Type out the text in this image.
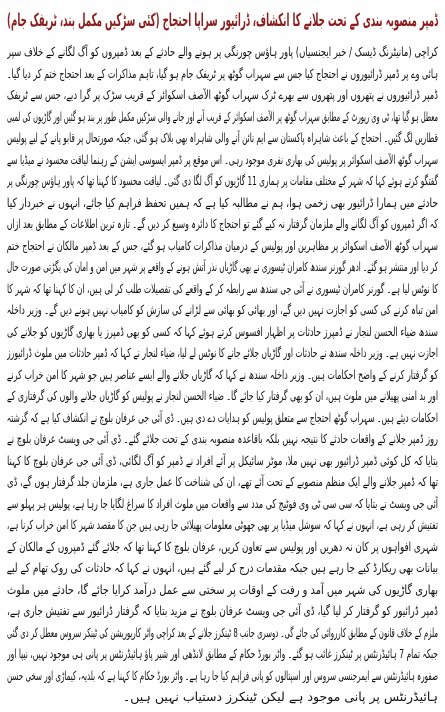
ڈمپر منصوبہ بندی کے تحت جلانے کا انکشاف، ڈرائیور سراپا احتجاج (کئی سڑکیں مکمل بند، ٹریفک جام)
کراچی (مانیٹرنگ ڈیسک / خبر ایجنسیاں) پاور ہاؤس چورنگی پر ہونے والے حادثے کے بعد ڈمپروں کو آگ لگانے کے خلاف سپر
ہائی وے پر ڈمپر ڈرائیوروں نے احتجاج کیا جس سے سہراب گوٹھ پر ٹریفک جام ہو گیا، تاہم مذاکرات کے بعد احتجاج ختم کر دیا گیا۔
ڈمپر ڈرائیوروں نے پتھروں اور پتھروں سے بھرے ٹرک سہراب گوٹھ الآصف اسکوائر کے قریب سڑک پر گرا دیے، جس سے ٹریفک
معطل ہو گیا تھا، ٹی وی رپورٹ کے مطابق سہراب گوٹھ پر الآصف اسکوائر کے قریب آنے اور جانے والی سڑکیں مکمل طور پر بند ہو گئیں اور گاڑیوں کی لمبی
قطاریں لگ گئیں۔ احتجاج کے باعث شاہراہ پاکستان سے ایم نائن آنے والی شاہراہ بھی بلاک ہو گئی، جبکہ صورتحال پر قابو پانے کے لیے پولیس
سہراب گوٹھ الآصف اسکوائر پر پولیس کی بھاری نفری موجود رہی۔ اس موقع پر ڈمپر ایسوسی ایشن کے رہنما لیاقت محسود نے میڈیا سے
گفتگو کرتے ہوئے کہا کہ شہر کے مختلف مقامات پر ہماری 11 گاڑیوں کو آگ لگا دی گئی۔ لیاقت محسود کا کہنا تھا کہ پاور ہاؤس چورنگی پر
حادثے میں ہمارا ڈرائیور بھی زخمی ہوا، ہم نے مطالبہ کیا ہے کہ ہمیں تحفظ فراہم کیا جائے، انہوں نے خبردار کیا
کہ اگر ڈمپروں کو آگ لگانے والے ملزمان گرفتار نہ کیے گئے تو احتجاج کا دائرہ وسیع کر دیں گے۔ تازہ ترین اطلاعات کے مطابق بعد ازاں
سہراب گوٹھ الآصف اسکوائر پر مظاہرین اور پولیس کے درمیان مذاکرات کامیاب ہو گئے، جس کے بعد ڈمپر مالکان نے احتجاج ختم
کر دیا اور منتشر ہو گئے۔ ادھر گورنر سندھ کامران ٹیسوری نے بھی گاڑیاں نذر آتش ہونے کے واقعے پر شہر میں امن و امان کی بگڑتی صورت حال
کا نوٹس لیا ہے۔ گورنر کامران ٹیسوری نے آئی جی سندھ سے رابطہ کر کے واقعے کی تفصیلات طلب کر لی ہیں، ان کا کہنا تھا کہ شہر کا
امن تباہ کرنے کی کسی کو اجازت نہیں دیں گے، اور بھائی کو بھائی سے لڑانے کی سازش کو کامیاب نہیں ہونے دیں گے۔ وزیر داخلہ
سندھ ضیاء الحسن لنجار نے ڈمپرز حادثات پر اظہار افسوس کرتے ہوئے کہا کہ کسی کو بھی ڈمپرز یا بھاری گاڑیوں کو جلانے کی
اجازت نہیں ہے۔ وزیر داخلہ سندھ نے حادثات اور گاڑیاں جلائے جانے کا نوٹس لے لیا، ضیاء لنجار نے کہا کہ ڈمپر حادثات میں ملوث ڈرائیورز
کو گرفتار کرنے کے واضح احکامات ہیں۔ وزیر داخلہ سندھ نے کہا کہ گاڑیاں جلانے والے ایسے عناصر ہیں جو شہر کا امن خراب کرنے
اور بد امنی پھیلانے میں ملوث ہیں، ان کو بھی گرفتار کیا جائے گا۔ ضیاء الحسن لنجار نے پولیس کو گاڑیاں جلانے والوں کی گرفتاری کے
احکامات دیئے ہیں۔ سہراب گوٹھ احتجاج سے متعلق پولیس کو ہدایات دے دی ہیں۔ ڈی آئی جی عرفان بلوچ نے انکشاف کیا ہے کہ گزشتہ
روز ڈمپر جلانے کے واقعات حادثے کا نتیجہ نہیں بلکہ باقاعدہ منصوبہ بندی کے تحت جلائے گئے۔ ڈی آئی جی ویسٹ عرفان بلوچ نے
بتایا کہ کل کوئی ڈمپر ڈرائیور بھی نہیں ملا، موٹر سائیکل پر آئے افراد نے ڈمپر کو آگ لگائی، ڈی آئی جی عرفان بلوچ کا کہنا
تھا کہ ڈمپر جلانے والے ایک منظم منصوبے کے تحت آئے تھے، ان کی شناخت کا عمل جاری ہے، ملزمان جلد گرفتار ہوں گے، ڈی
آئی جی ویسٹ نے بتایا کہ سی سی ٹی وی فوٹیج کی مدد سے واقعات میں ملوث افراد کا سراغ لگایا جا رہا ہے، پولیس ہر پہلو سے
تفتیش کر رہی ہے، انہوں نے کہا کہ سوشل میڈیا پر بھی جھوٹی معلومات پھیلائی جا رہی ہیں جن کا مقصد شہر کا امن خراب کرنا ہے،
شہری افواہوں پر کان نہ دھریں اور پولیس سے تعاون کریں، عرفان بلوچ کا کہنا تھا کہ جلائے گئے ڈمپروں کے مالکان کے
بیانات بھی ریکارڈ کیے جا رہے ہیں جبکہ مقدمات درج کر لیے گئے ہیں، انہوں نے کہا کہ حادثات کی روک تھام کے لیے
بھاری گاڑیوں کی شہر میں آمد و رفت کے اوقات پر سختی سے عمل درآمد کرایا جائے گا، حادثے میں ملوث
ڈمپر ڈرائیور کو گرفتار کر لیا گیا، ڈی آئی جی ویسٹ عرفان بلوچ نے مزید بتایا کہ گرفتار ڈرائیور سے تفتیش جاری ہے،
ملزم کے خلاف قانون کے مطابق کارروائی کی جائے گی۔ دوسری جانب 8 ٹینکرز جلانے کے بعد کراچی واٹر کارپوریشن کی ٹینکر سروس معطل کر دی گئی
جبکہ تمام 7 ہائیڈرنٹس پر ٹینکرز غائب ہو گئے۔ واٹر بورڈ حکام کے مطابق لانڈھی اور شیر پاؤ ہائیڈرنٹس پر پانی ہی موجود نہیں، نیپا اور
صفورہ ہائیڈرنٹس سے ایمرجنسی سروس اور اسپتالوں کو پانی فراہم کیا جا رہا ہے۔ واٹر بورڈ حکام کا کہنا ہے کہ بلدیہ، کیماڑی اور سخی حسن
ہائیڈرنٹس پر پانی موجود ہے لیکن ٹینکرز دستیاب نہیں ہیں۔
